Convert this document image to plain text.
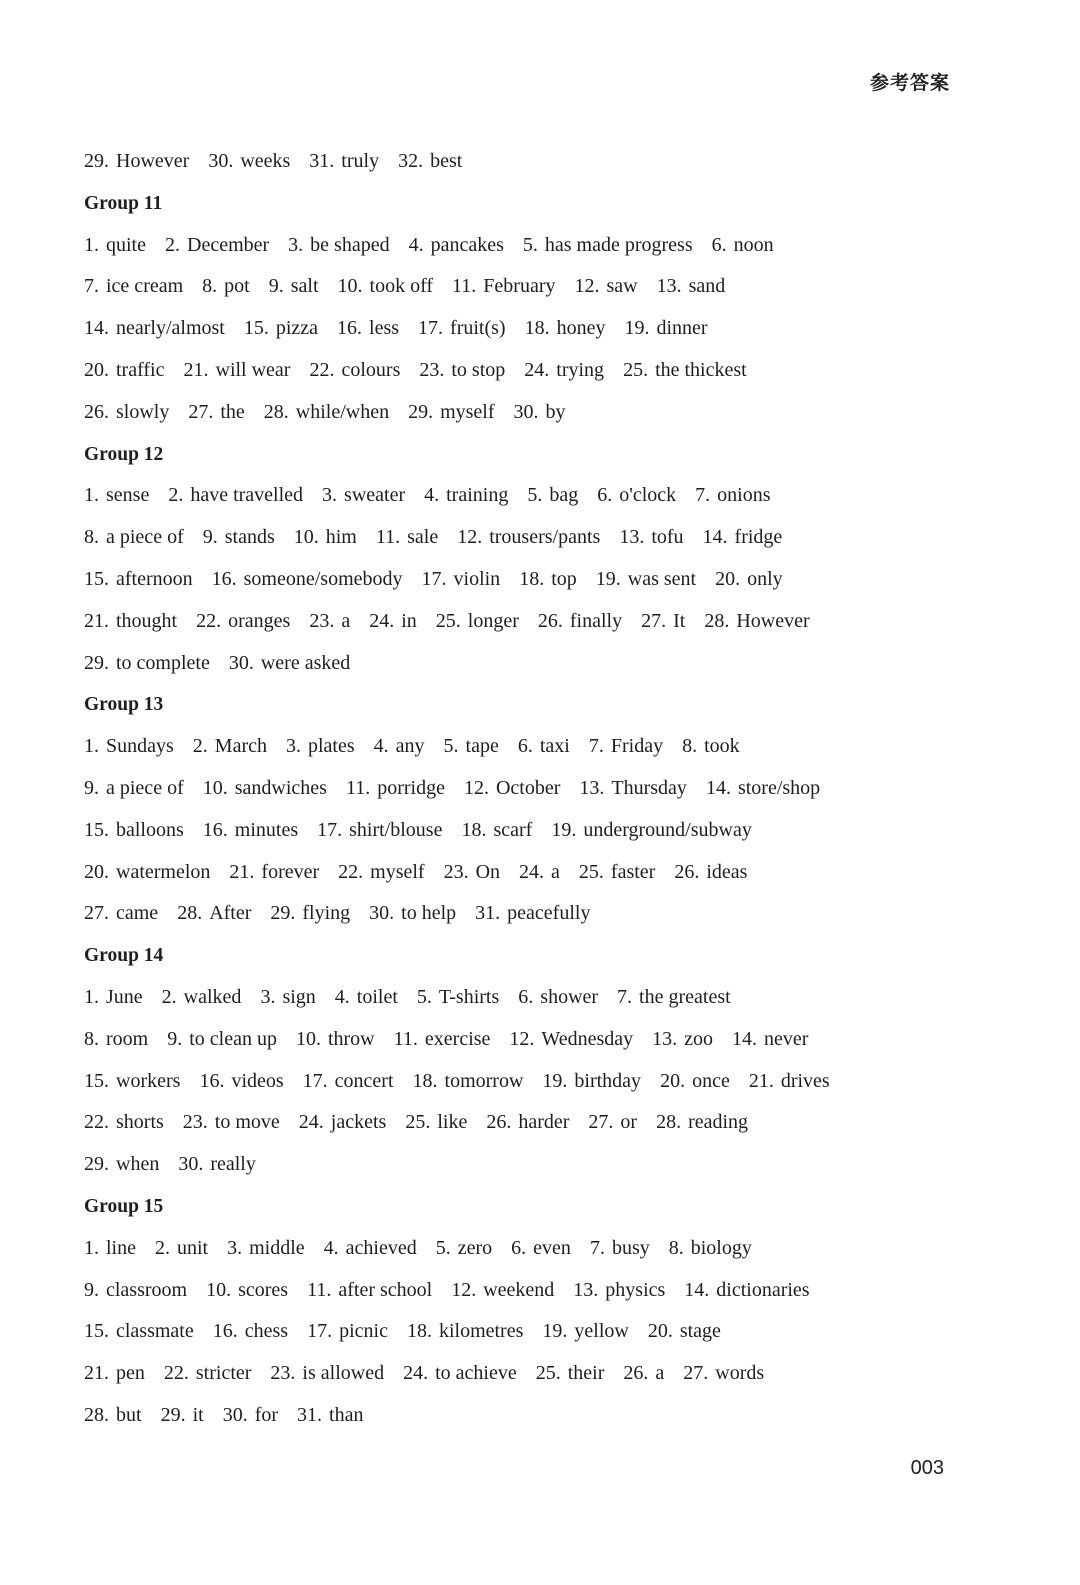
参考答案
29. However 30. weeks 31. truly 32. best
Group 11
1. quite 2. December 3. be shaped 4. pancakes 5. has made progress 6. noon
7. ice cream 8. pot 9. salt 10. took off 11. February 12. saw 13. sand
14. nearly/almost 15. pizza 16. less 17. fruit(s) 18. honey 19. dinner
20. traffic 21. will wear 22. colours 23. to stop 24. trying 25. the thickest
26. slowly 27. the 28. while/when 29. myself 30. by
Group 12
1. sense 2. have travelled 3. sweater 4. training 5. bag 6. o'clock 7. onions
8. a piece of 9. stands 10. him 11. sale 12. trousers/pants 13. tofu 14. fridge
15. afternoon 16. someone/somebody 17. violin 18. top 19. was sent 20. only
21. thought 22. oranges 23. a 24. in 25. longer 26. finally 27. It 28. However
29. to complete 30. were asked
Group 13
1. Sundays 2. March 3. plates 4. any 5. tape 6. taxi 7. Friday 8. took
9. a piece of 10. sandwiches 11. porridge 12. October 13. Thursday 14. store/shop
15. balloons 16. minutes 17. shirt/blouse 18. scarf 19. underground/subway
20. watermelon 21. forever 22. myself 23. On 24. a 25. faster 26. ideas
27. came 28. After 29. flying 30. to help 31. peacefully
Group 14
1. June 2. walked 3. sign 4. toilet 5. T-shirts 6. shower 7. the greatest
8. room 9. to clean up 10. throw 11. exercise 12. Wednesday 13. zoo 14. never
15. workers 16. videos 17. concert 18. tomorrow 19. birthday 20. once 21. drives
22. shorts 23. to move 24. jackets 25. like 26. harder 27. or 28. reading
29. when 30. really
Group 15
1. line 2. unit 3. middle 4. achieved 5. zero 6. even 7. busy 8. biology
9. classroom 10. scores 11. after school 12. weekend 13. physics 14. dictionaries
15. classmate 16. chess 17. picnic 18. kilometres 19. yellow 20. stage
21. pen 22. stricter 23. is allowed 24. to achieve 25. their 26. a 27. words
28. but 29. it 30. for 31. than
003
